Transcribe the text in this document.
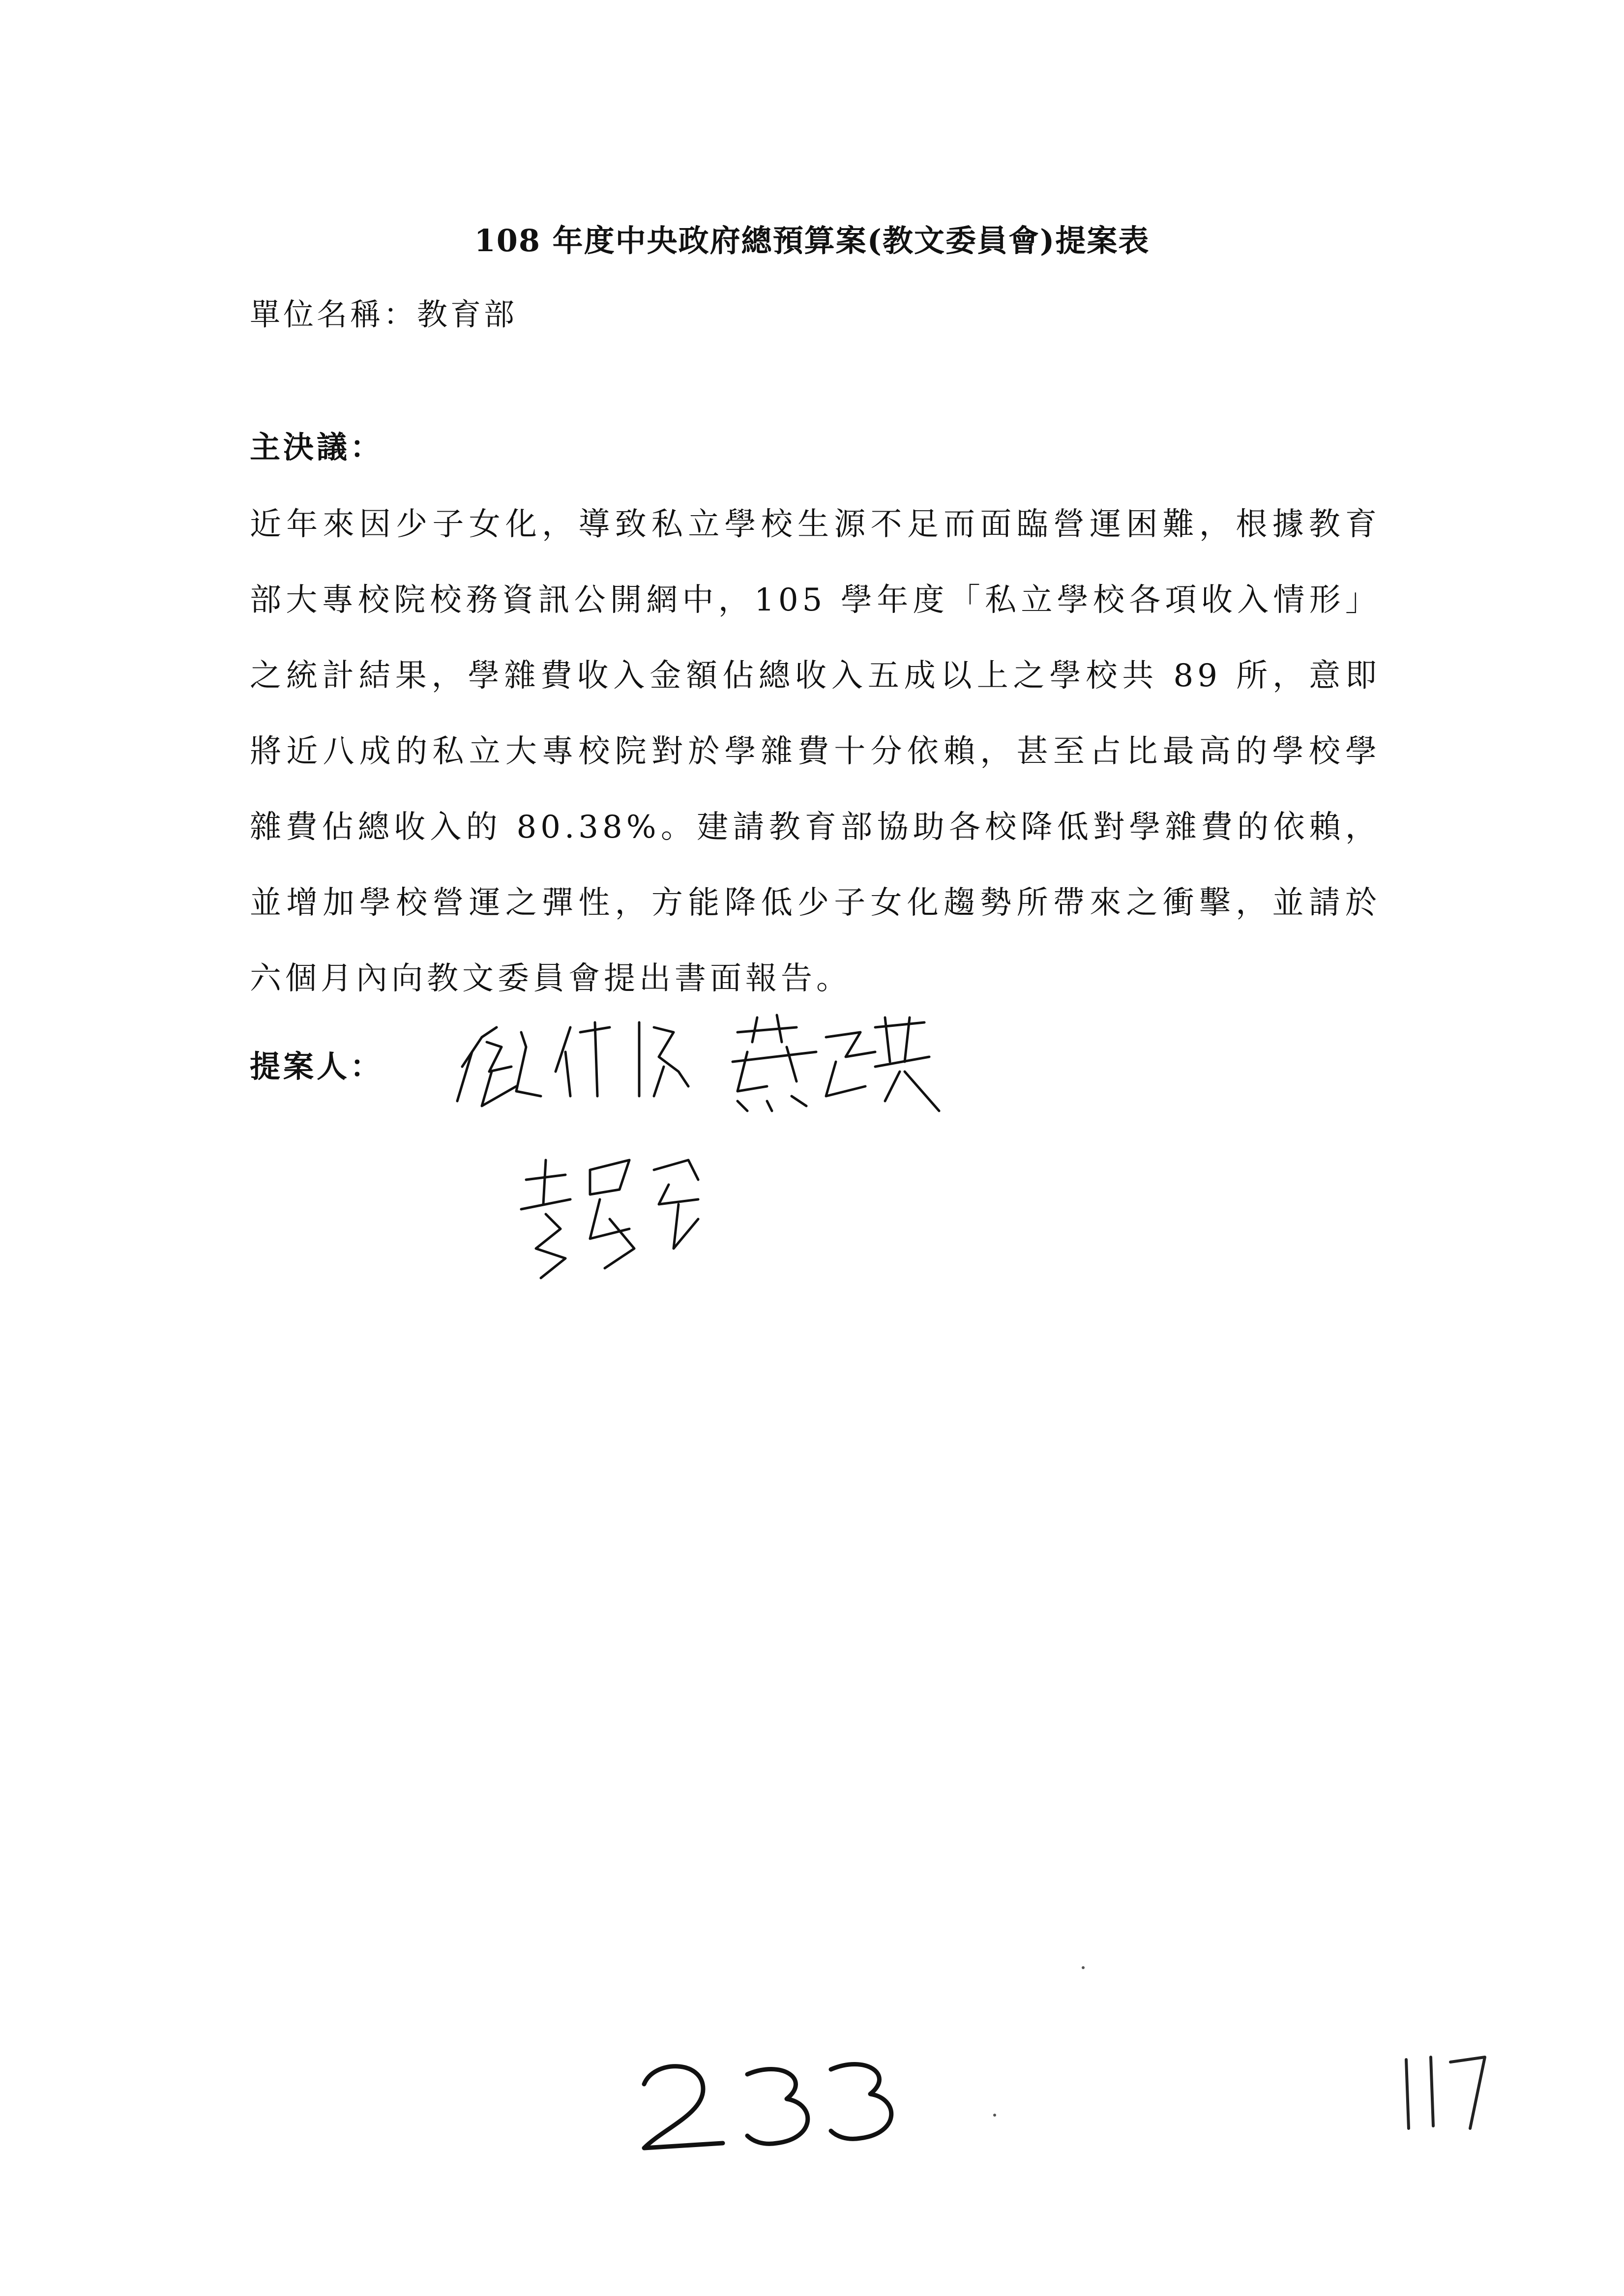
108 年度中央政府總預算案(教文委員會)提案表
單位名稱：教育部
主決議：
近年來因少子女化，導致私立學校生源不足而面臨營運困難，根據教育部大專校院校務資訊公開網中，105 學年度「私立學校各項收入情形」之統計結果，學雜費收入金額佔總收入五成以上之學校共 89 所，意即將近八成的私立大專校院對於學雜費十分依賴，甚至占比最高的學校學雜費佔總收入的 80.38%。建請教育部協助各校降低對學雜費的依賴，並增加學校營運之彈性，方能降低少子女化趨勢所帶來之衝擊，並請於六個月內向教文委員會提出書面報告。
提案人：
